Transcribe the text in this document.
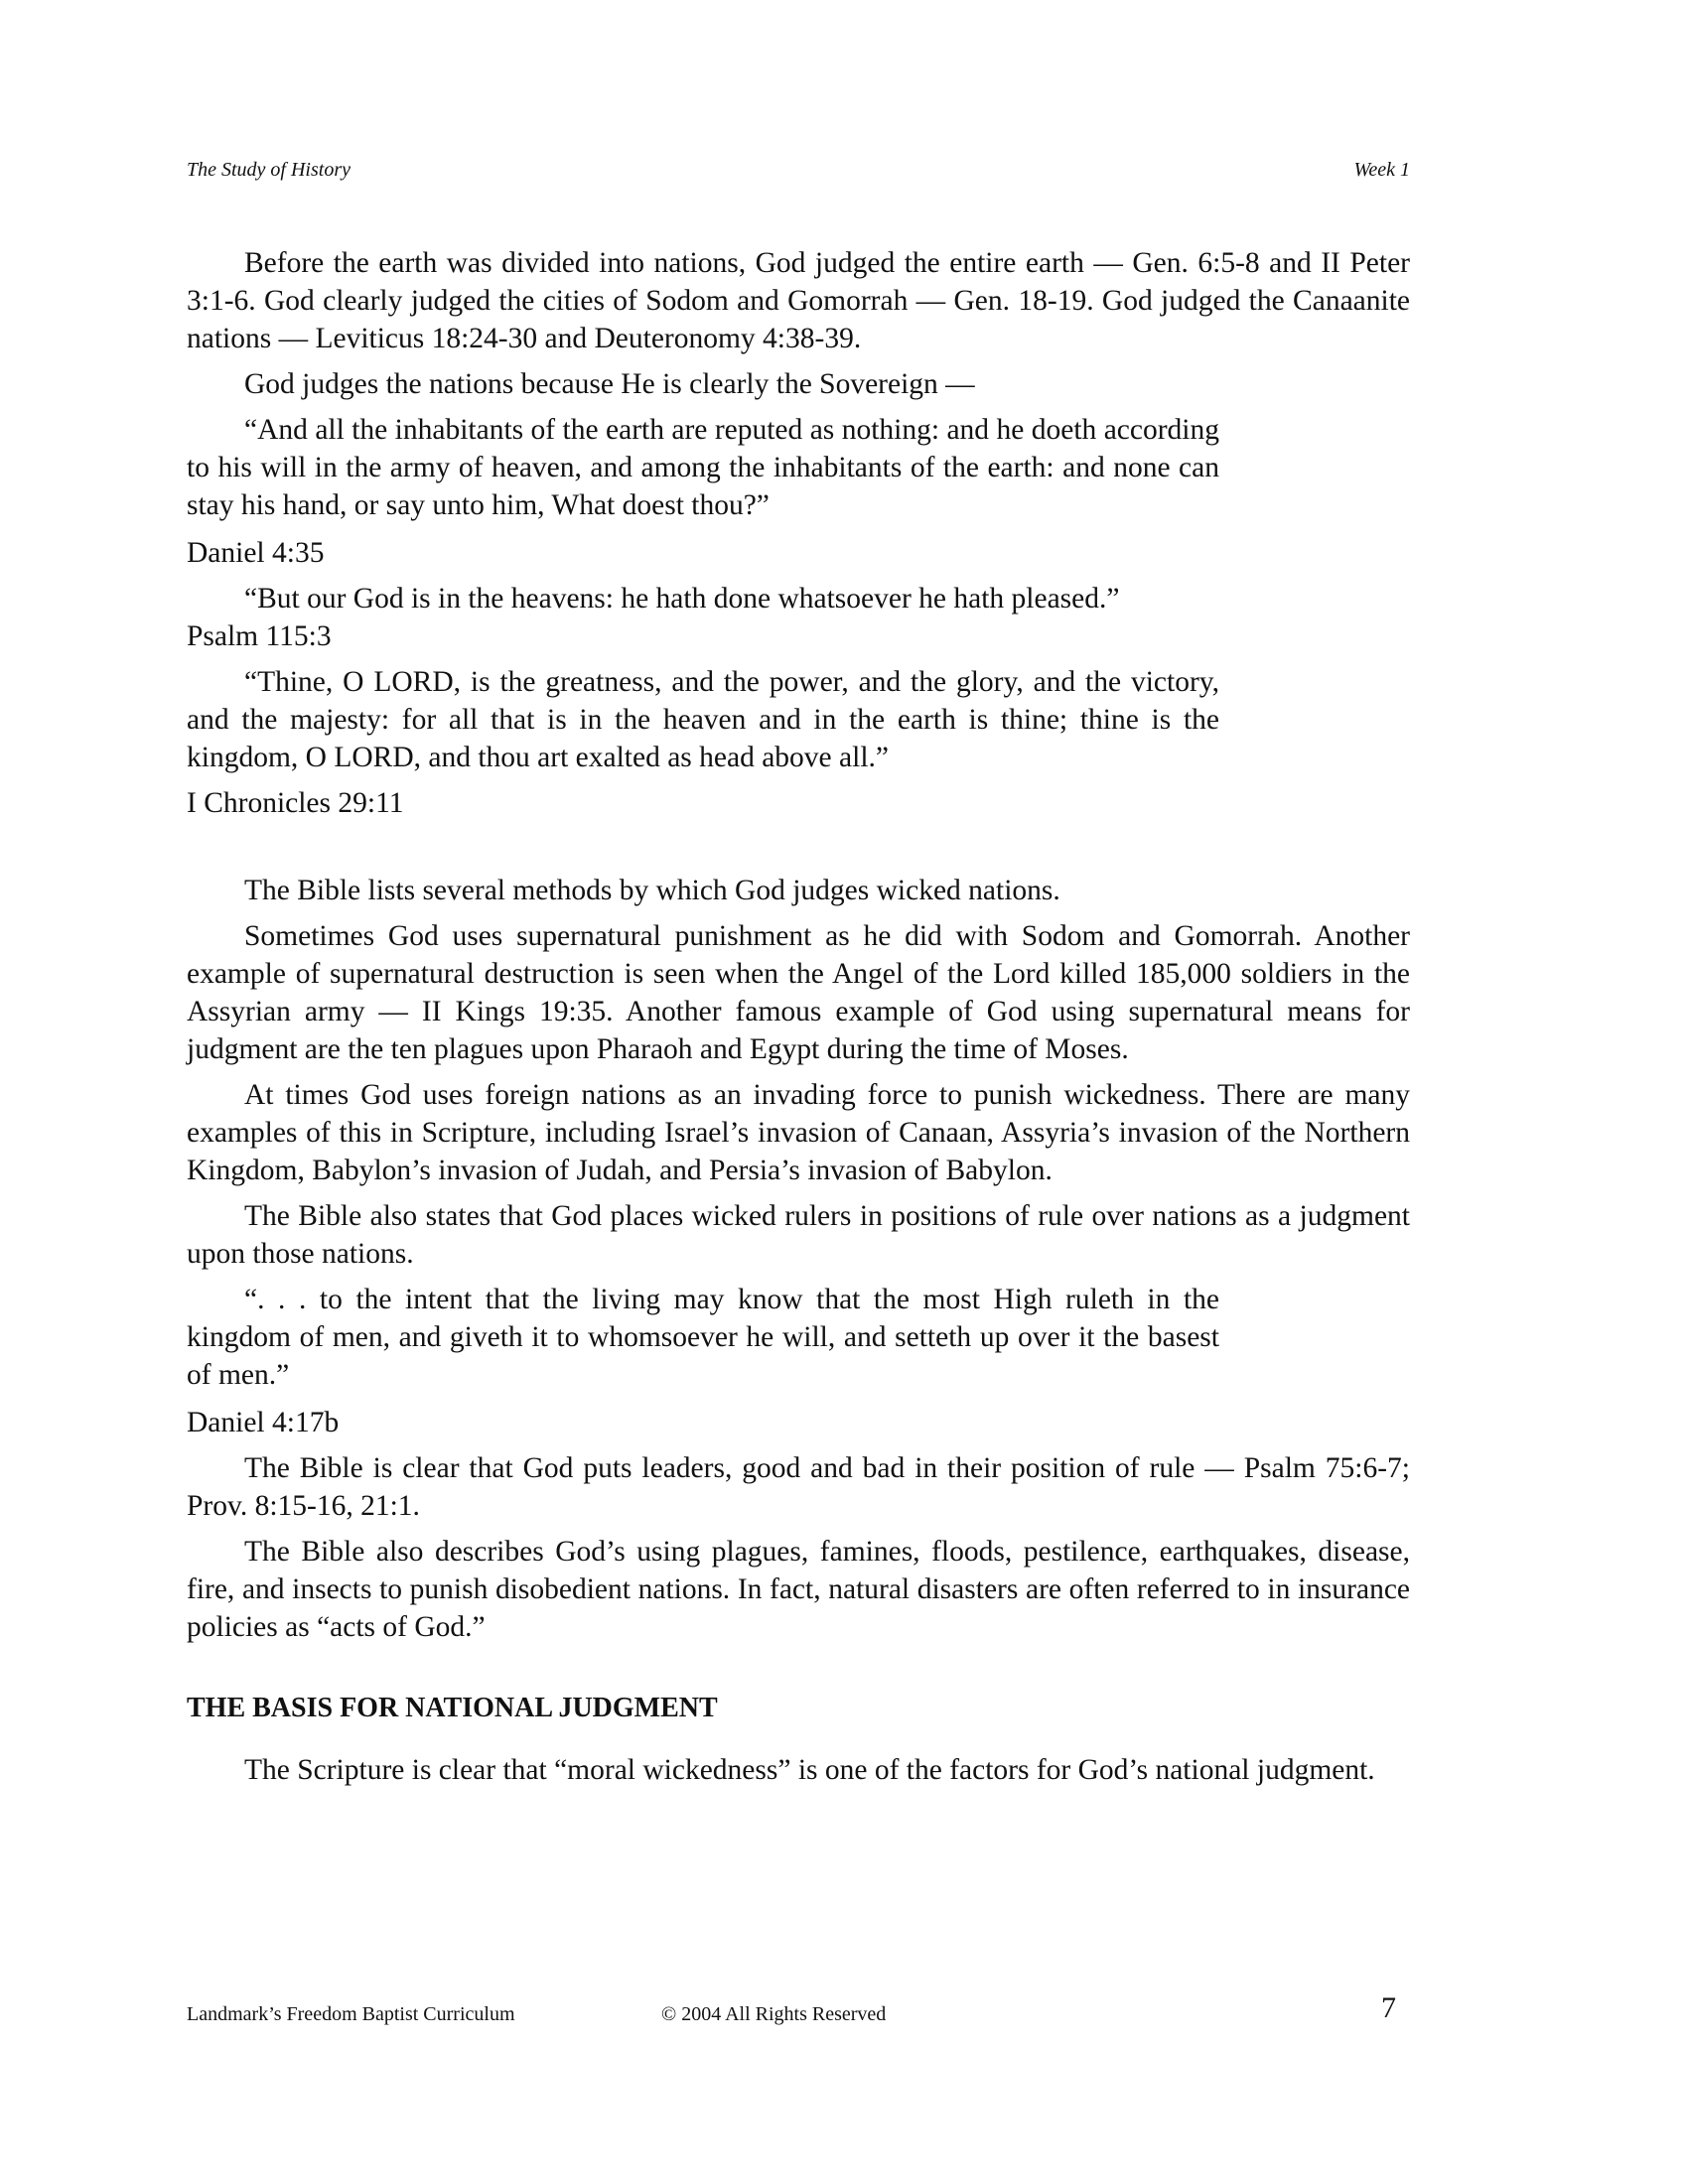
The Study of History	Week 1

Before the earth was divided into nations, God judged the entire earth — Gen. 6:5-8 and II Peter 3:1-6. God clearly judged the cities of Sodom and Gomorrah — Gen. 18-19. God judged the Canaanite nations — Leviticus 18:24-30 and Deuteronomy 4:38-39.

God judges the nations because He is clearly the Sovereign —

“And all the inhabitants of the earth are reputed as nothing: and he doeth according to his will in the army of heaven, and among the inhabitants of the earth: and none can stay his hand, or say unto him, What doest thou?”

Daniel 4:35

“But our God is in the heavens: he hath done whatsoever he hath pleased.”

Psalm 115:3

“Thine, O LORD, is the greatness, and the power, and the glory, and the victory, and the majesty: for all that is in the heaven and in the earth is thine; thine is the kingdom, O LORD, and thou art exalted as head above all.”

I Chronicles 29:11

The Bible lists several methods by which God judges wicked nations.

Sometimes God uses supernatural punishment as he did with Sodom and Gomorrah. Another example of supernatural destruction is seen when the Angel of the Lord killed 185,000 soldiers in the Assyrian army — II Kings 19:35. Another famous example of God using supernatural means for judgment are the ten plagues upon Pharaoh and Egypt during the time of Moses.

At times God uses foreign nations as an invading force to punish wickedness. There are many examples of this in Scripture, including Israel’s invasion of Canaan, Assyria’s invasion of the Northern Kingdom, Babylon’s invasion of Judah, and Persia’s invasion of Babylon.

The Bible also states that God places wicked rulers in positions of rule over nations as a judgment upon those nations.

“. . . to the intent that the living may know that the most High ruleth in the kingdom of men, and giveth it to whomsoever he will, and setteth up over it the basest of men.”

Daniel 4:17b

The Bible is clear that God puts leaders, good and bad in their position of rule — Psalm 75:6-7; Prov. 8:15-16, 21:1.

The Bible also describes God’s using plagues, famines, floods, pestilence, earthquakes, disease, fire, and insects to punish disobedient nations. In fact, natural disasters are often referred to in insurance policies as “acts of God.”

THE BASIS FOR NATIONAL JUDGMENT

The Scripture is clear that “moral wickedness” is one of the factors for God’s national judgment.

Landmark’s Freedom Baptist Curriculum	© 2004 All Rights Reserved	7
